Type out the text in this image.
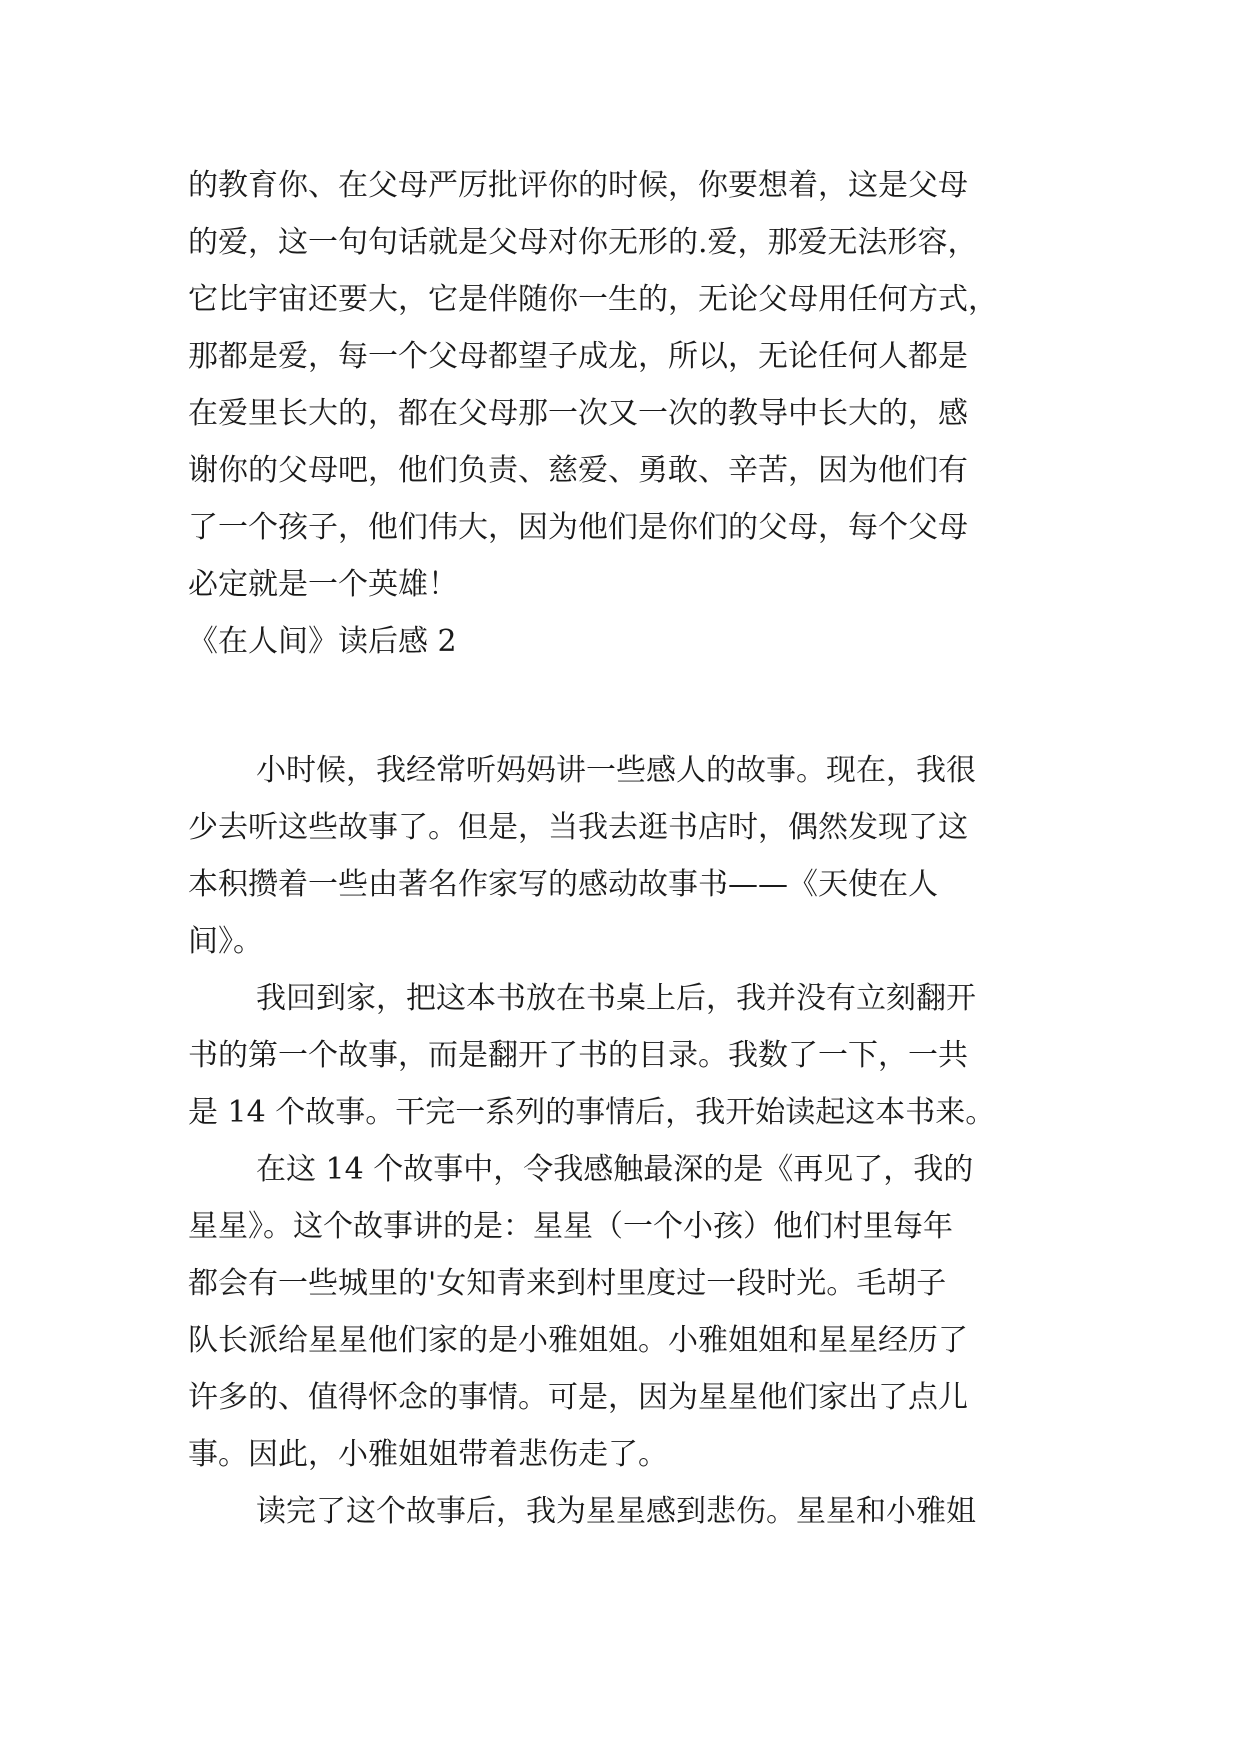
的教育你、在父母严厉批评你的时候，你要想着，这是父母
的爱，这一句句话就是父母对你无形的.爱，那爱无法形容，
它比宇宙还要大，它是伴随你一生的，无论父母用任何方式，
那都是爱，每一个父母都望子成龙，所以，无论任何人都是
在爱里长大的，都在父母那一次又一次的教导中长大的，感
谢你的父母吧，他们负责、慈爱、勇敢、辛苦，因为他们有
了一个孩子，他们伟大，因为他们是你们的父母，每个父母
必定就是一个英雄！
《在人间》读后感 2
小时候，我经常听妈妈讲一些感人的故事。现在，我很
少去听这些故事了。但是，当我去逛书店时，偶然发现了这
本积攒着一些由著名作家写的感动故事书——《天使在人
间》。
我回到家，把这本书放在书桌上后，我并没有立刻翻开
书的第一个故事，而是翻开了书的目录。我数了一下，一共
是 14 个故事。干完一系列的事情后，我开始读起这本书来。
在这 14 个故事中，令我感触最深的是《再见了，我的
星星》。这个故事讲的是：星星（一个小孩）他们村里每年
都会有一些城里的'女知青来到村里度过一段时光。毛胡子
队长派给星星他们家的是小雅姐姐。小雅姐姐和星星经历了
许多的、值得怀念的事情。可是，因为星星他们家出了点儿
事。因此，小雅姐姐带着悲伤走了。
读完了这个故事后，我为星星感到悲伤。星星和小雅姐
